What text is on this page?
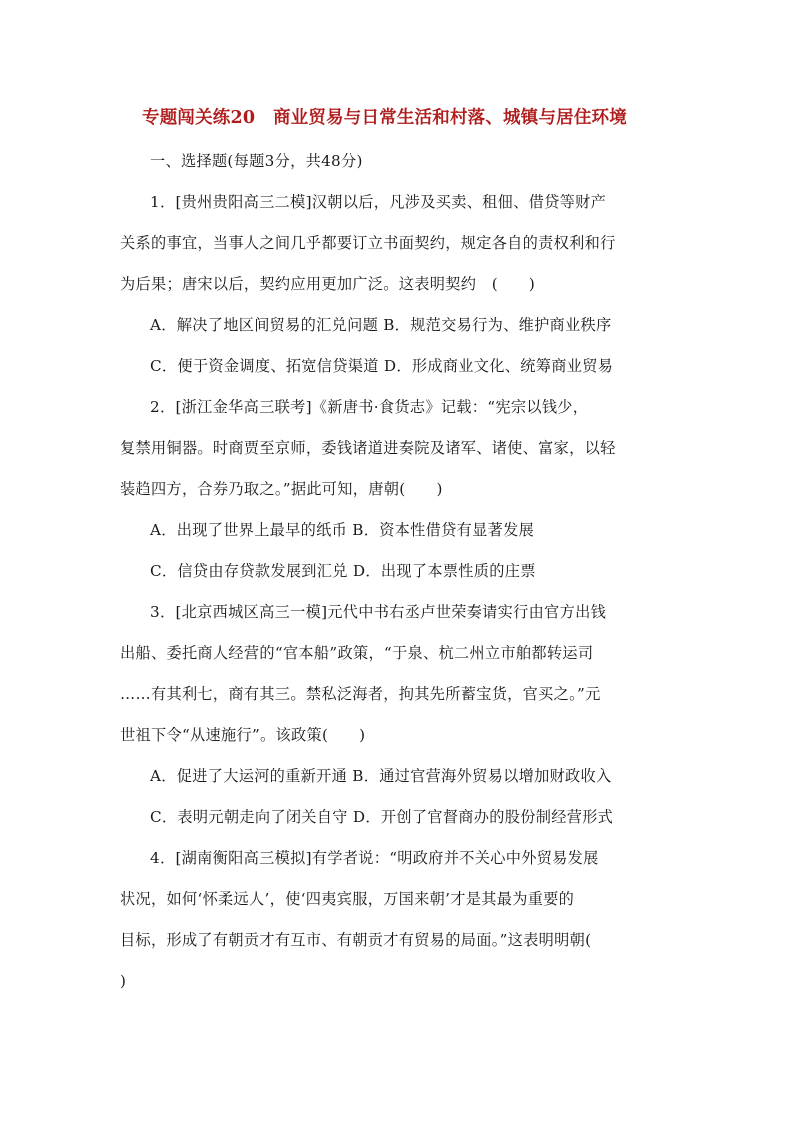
专题闯关练20　商业贸易与日常生活和村落、城镇与居住环境
一、选择题(每题3分，共48分)
1．[贵州贵阳高三二模]汉朝以后，凡涉及买卖、租佃、借贷等财产
关系的事宜，当事人之间几乎都要订立书面契约，规定各自的责权利和行
为后果；唐宋以后，契约应用更加广泛。这表明契约　(　　)
A．解决了地区间贸易的汇兑问题 B．规范交易行为、维护商业秩序
C．便于资金调度、拓宽信贷渠道 D．形成商业文化、统筹商业贸易
2．[浙江金华高三联考]《新唐书·食货志》记载：“宪宗以钱少，
复禁用铜器。时商贾至京师，委钱诸道进奏院及诸军、诸使、富家，以轻
装趋四方，合券乃取之。”据此可知，唐朝(　　)
A．出现了世界上最早的纸币 B．资本性借贷有显著发展
C．信贷由存贷款发展到汇兑 D．出现了本票性质的庄票
3．[北京西城区高三一模]元代中书右丞卢世荣奏请实行由官方出钱
出船、委托商人经营的“官本船”政策，“于泉、杭二州立市舶都转运司
……有其利七，商有其三。禁私泛海者，拘其先所蓄宝货，官买之。”元
世祖下令“从速施行”。该政策(　　)
A．促进了大运河的重新开通 B．通过官营海外贸易以增加财政收入
C．表明元朝走向了闭关自守 D．开创了官督商办的股份制经营形式
4．[湖南衡阳高三模拟]有学者说：“明政府并不关心中外贸易发展
状况，如何‘怀柔远人’，使‘四夷宾服，万国来朝’才是其最为重要的
目标，形成了有朝贡才有互市、有朝贡才有贸易的局面。”这表明明朝(
)
